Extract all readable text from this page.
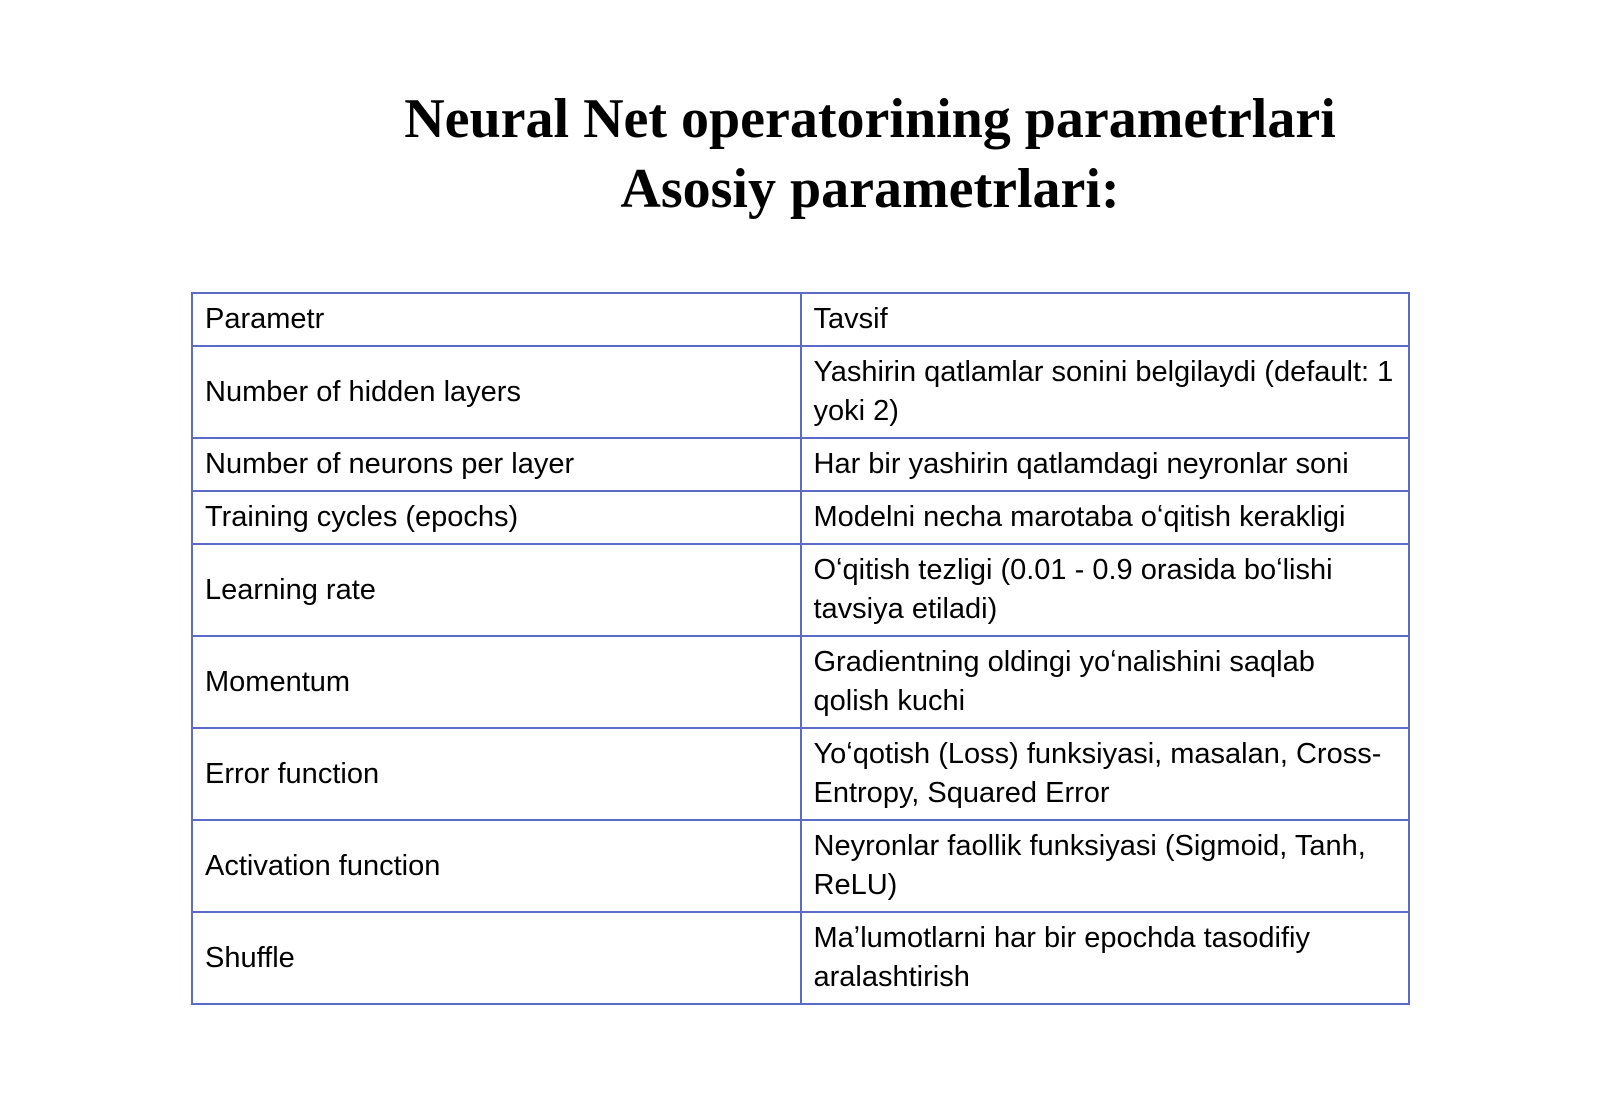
Neural Net operatorining parametrlari
Asosiy parametrlari:
Parametr	Tavsif
Number of hidden layers	Yashirin qatlamlar sonini belgilaydi (default: 1 yoki 2)
Number of neurons per layer	Har bir yashirin qatlamdagi neyronlar soni
Training cycles (epochs)	Modelni necha marotaba oʻqitish kerakligi
Learning rate	Oʻqitish tezligi (0.01 - 0.9 orasida boʻlishi tavsiya etiladi)
Momentum	Gradientning oldingi yoʻnalishini saqlab qolish kuchi
Error function	Yoʻqotish (Loss) funksiyasi, masalan, Cross-Entropy, Squared Error
Activation function	Neyronlar faollik funksiyasi (Sigmoid, Tanh, ReLU)
Shuffle	Maʼlumotlarni har bir epochda tasodifiy aralashtirish
